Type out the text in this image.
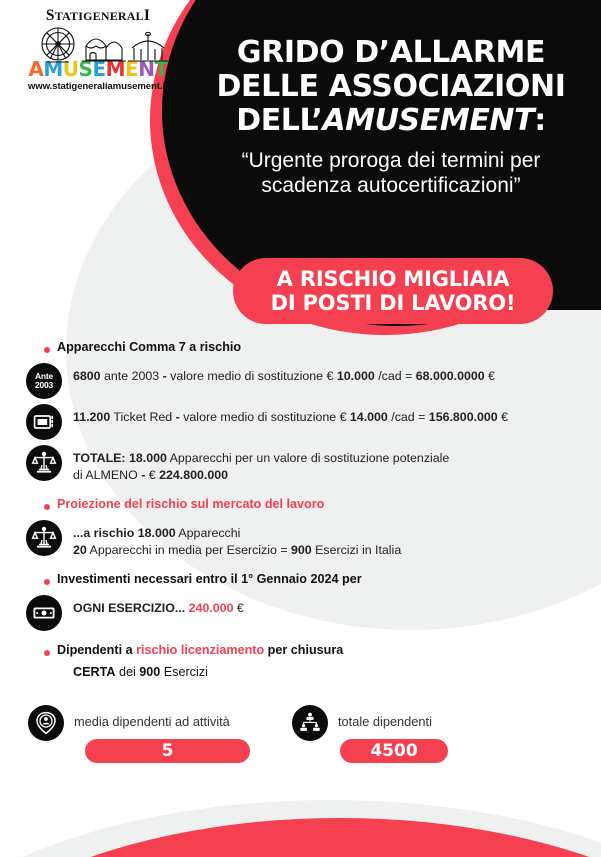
STATIGENERALI
AMUSEMENT
www.statigeneraliamusement.it
GRIDO D’ALLARME
DELLE ASSOCIAZIONI
DELL’AMUSEMENT:
“Urgente proroga dei termini per
scadenza autocertificazioni”
A RISCHIO MIGLIAIA
DI POSTI DI LAVORO!
Apparecchi Comma 7 a rischio
Ante
2003
6800 ante 2003 - valore medio di sostituzione € 10.000 /cad = 68.000.0000 €
11.200 Ticket Red - valore medio di sostituzione € 14.000 /cad = 156.800.000 €
TOTALE: 18.000 Apparecchi per un valore di sostituzione potenziale
di ALMENO - € 224.800.000
Proiezione del rischio sul mercato del lavoro
...a rischio 18.000 Apparecchi
20 Apparecchi in media per Esercizio = 900 Esercizi in Italia
Investimenti necessari entro il 1° Gennaio 2024 per
OGNI ESERCIZIO... 240.000 €
Dipendenti a rischio licenziamento per chiusura
CERTA dei 900 Esercizi
media dipendenti ad attività
5
totale dipendenti
4500
